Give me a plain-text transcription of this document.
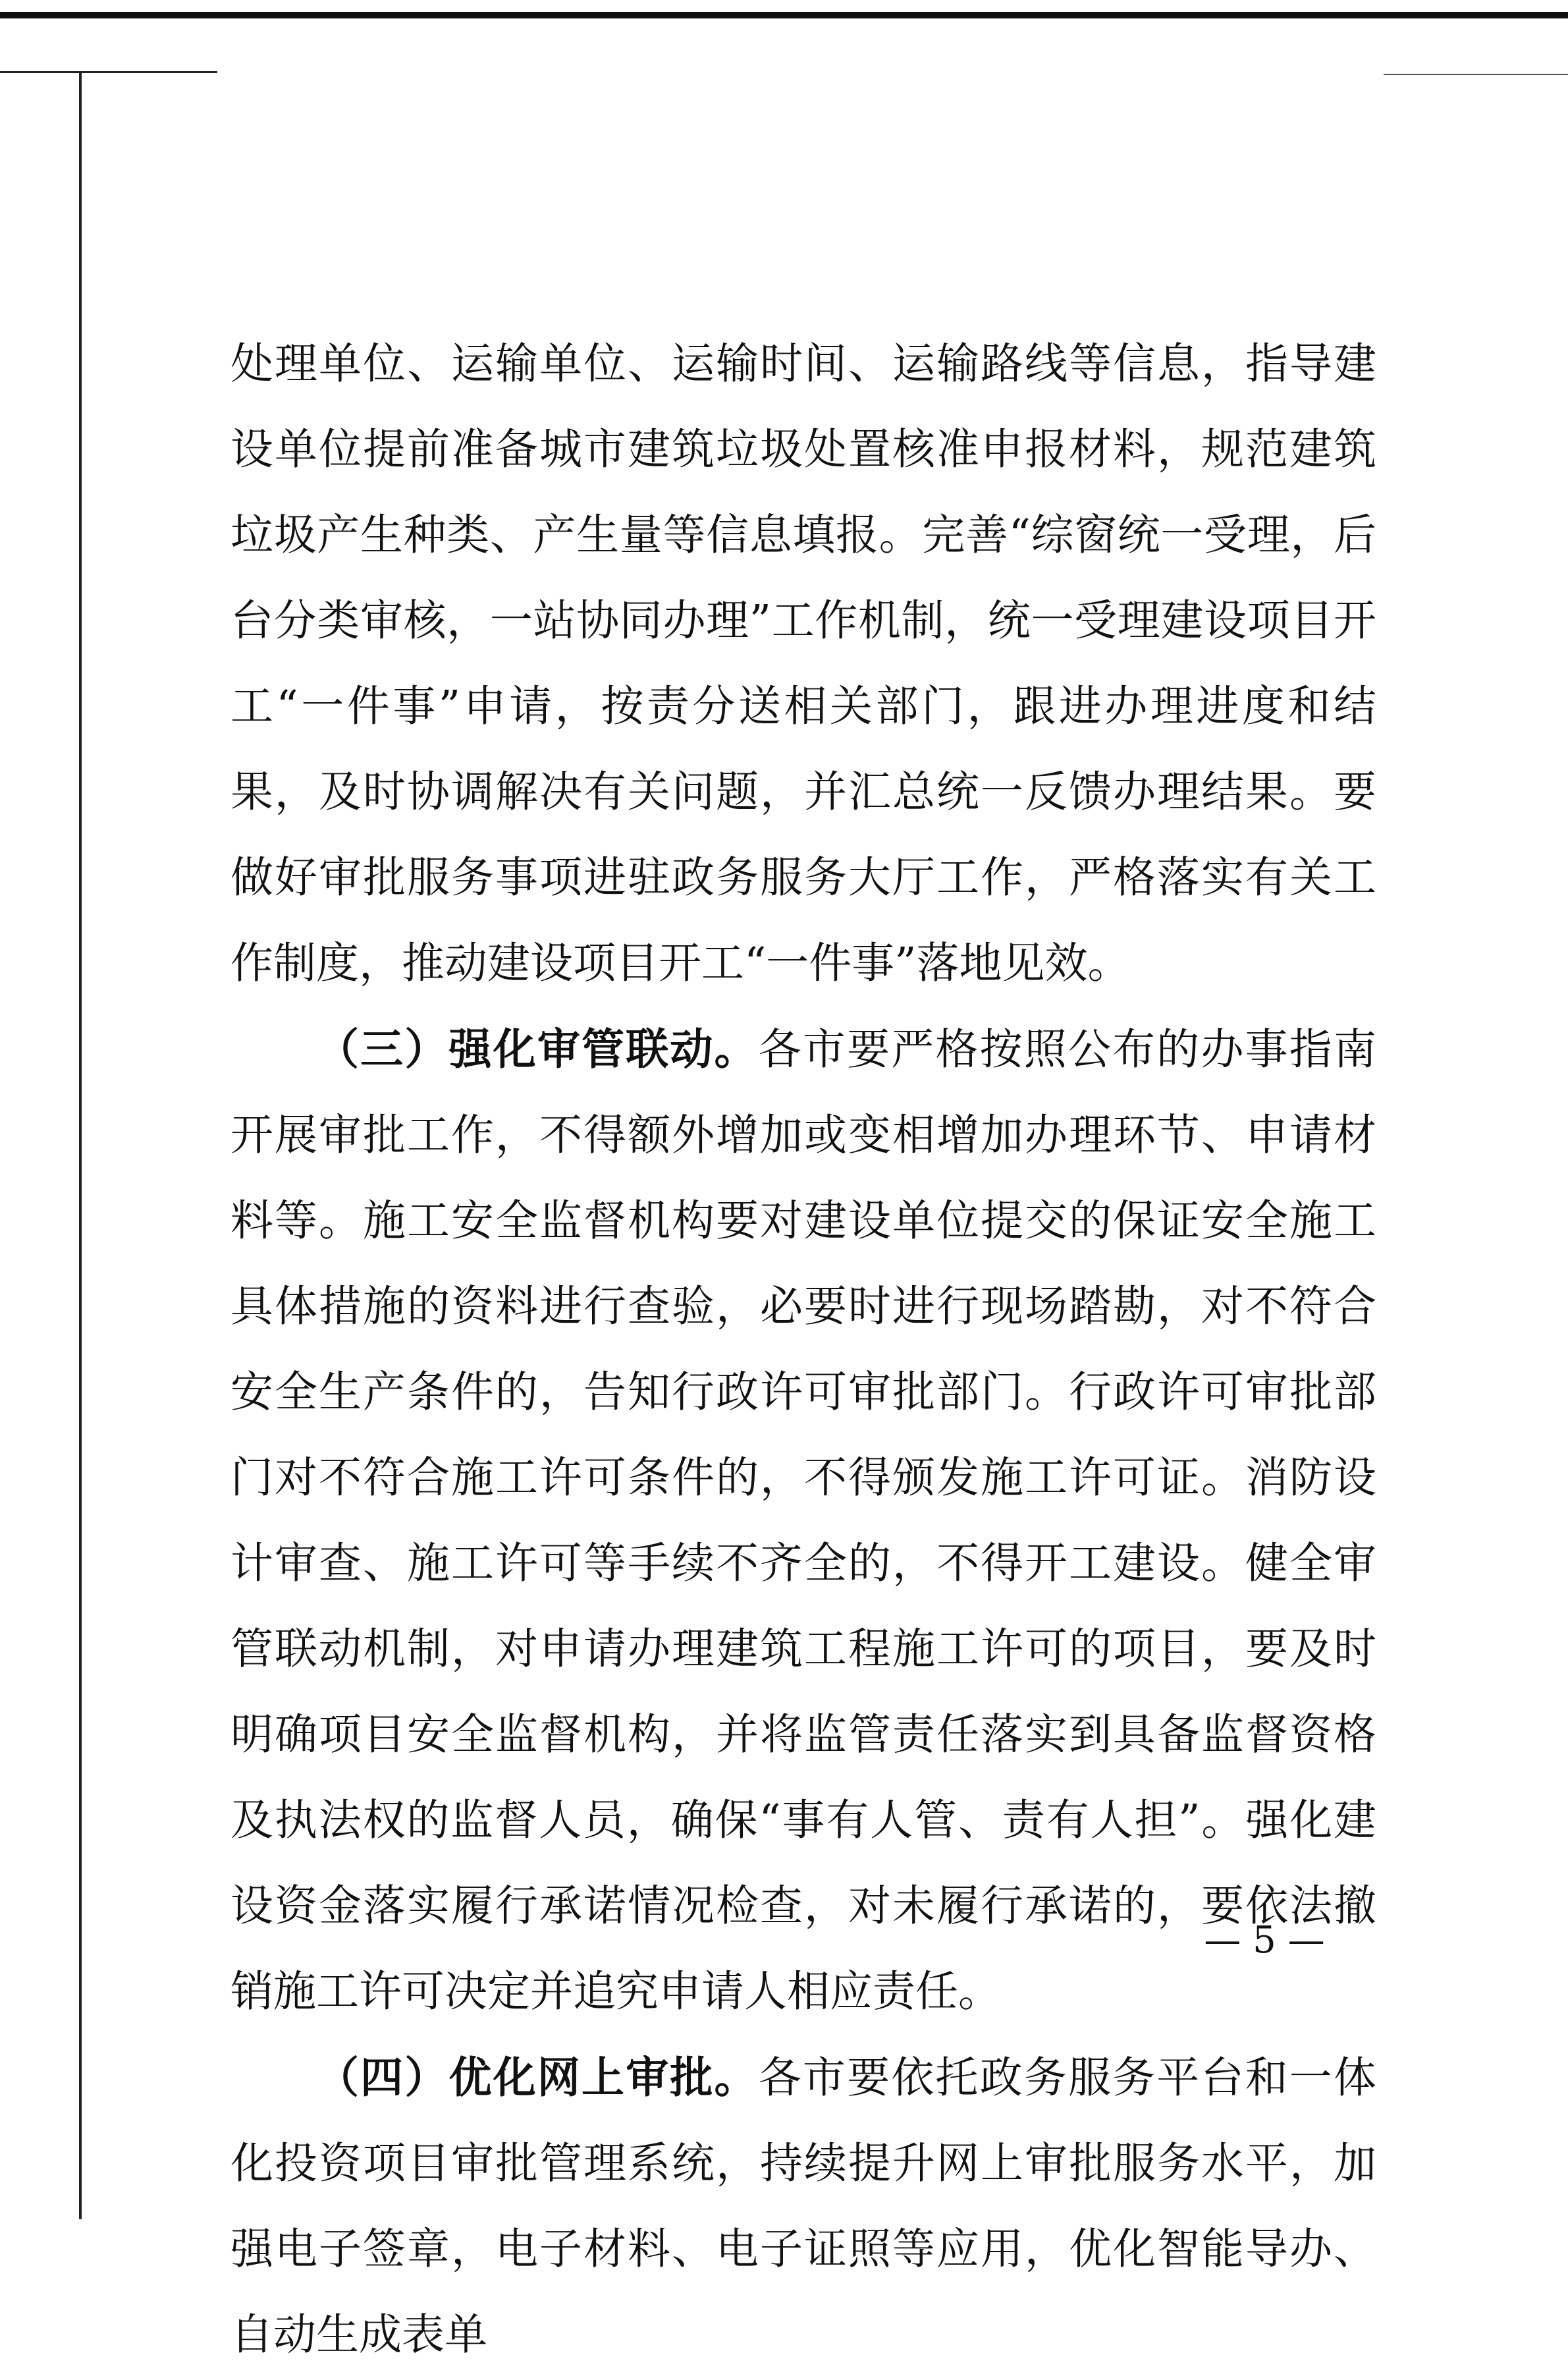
处理单位、运输单位、运输时间、运输路线等信息，指导建设单位提前准备城市建筑垃圾处置核准申报材料，规范建筑垃圾产生种类、产生量等信息填报。完善“综窗统一受理，后台分类审核，一站协同办理”工作机制，统一受理建设项目开工“一件事”申请，按责分送相关部门，跟进办理进度和结果，及时协调解决有关问题，并汇总统一反馈办理结果。要做好审批服务事项进驻政务服务大厅工作，严格落实有关工作制度，推动建设项目开工“一件事”落地见效。

（三）强化审管联动。各市要严格按照公布的办事指南开展审批工作，不得额外增加或变相增加办理环节、申请材料等。施工安全监督机构要对建设单位提交的保证安全施工具体措施的资料进行查验，必要时进行现场踏勘，对不符合安全生产条件的，告知行政许可审批部门。行政许可审批部门对不符合施工许可条件的，不得颁发施工许可证。消防设计审查、施工许可等手续不齐全的，不得开工建设。健全审管联动机制，对申请办理建筑工程施工许可的项目，要及时明确项目安全监督机构，并将监管责任落实到具备监督资格及执法权的监督人员，确保“事有人管、责有人担”。强化建设资金落实履行承诺情况检查，对未履行承诺的，要依法撤销施工许可决定并追究申请人相应责任。

（四）优化网上审批。各市要依托政务服务平台和一体化投资项目审批管理系统，持续提升网上审批服务水平，加强电子签章，电子材料、电子证照等应用，优化智能导办、自动生成表单

— 5 —
